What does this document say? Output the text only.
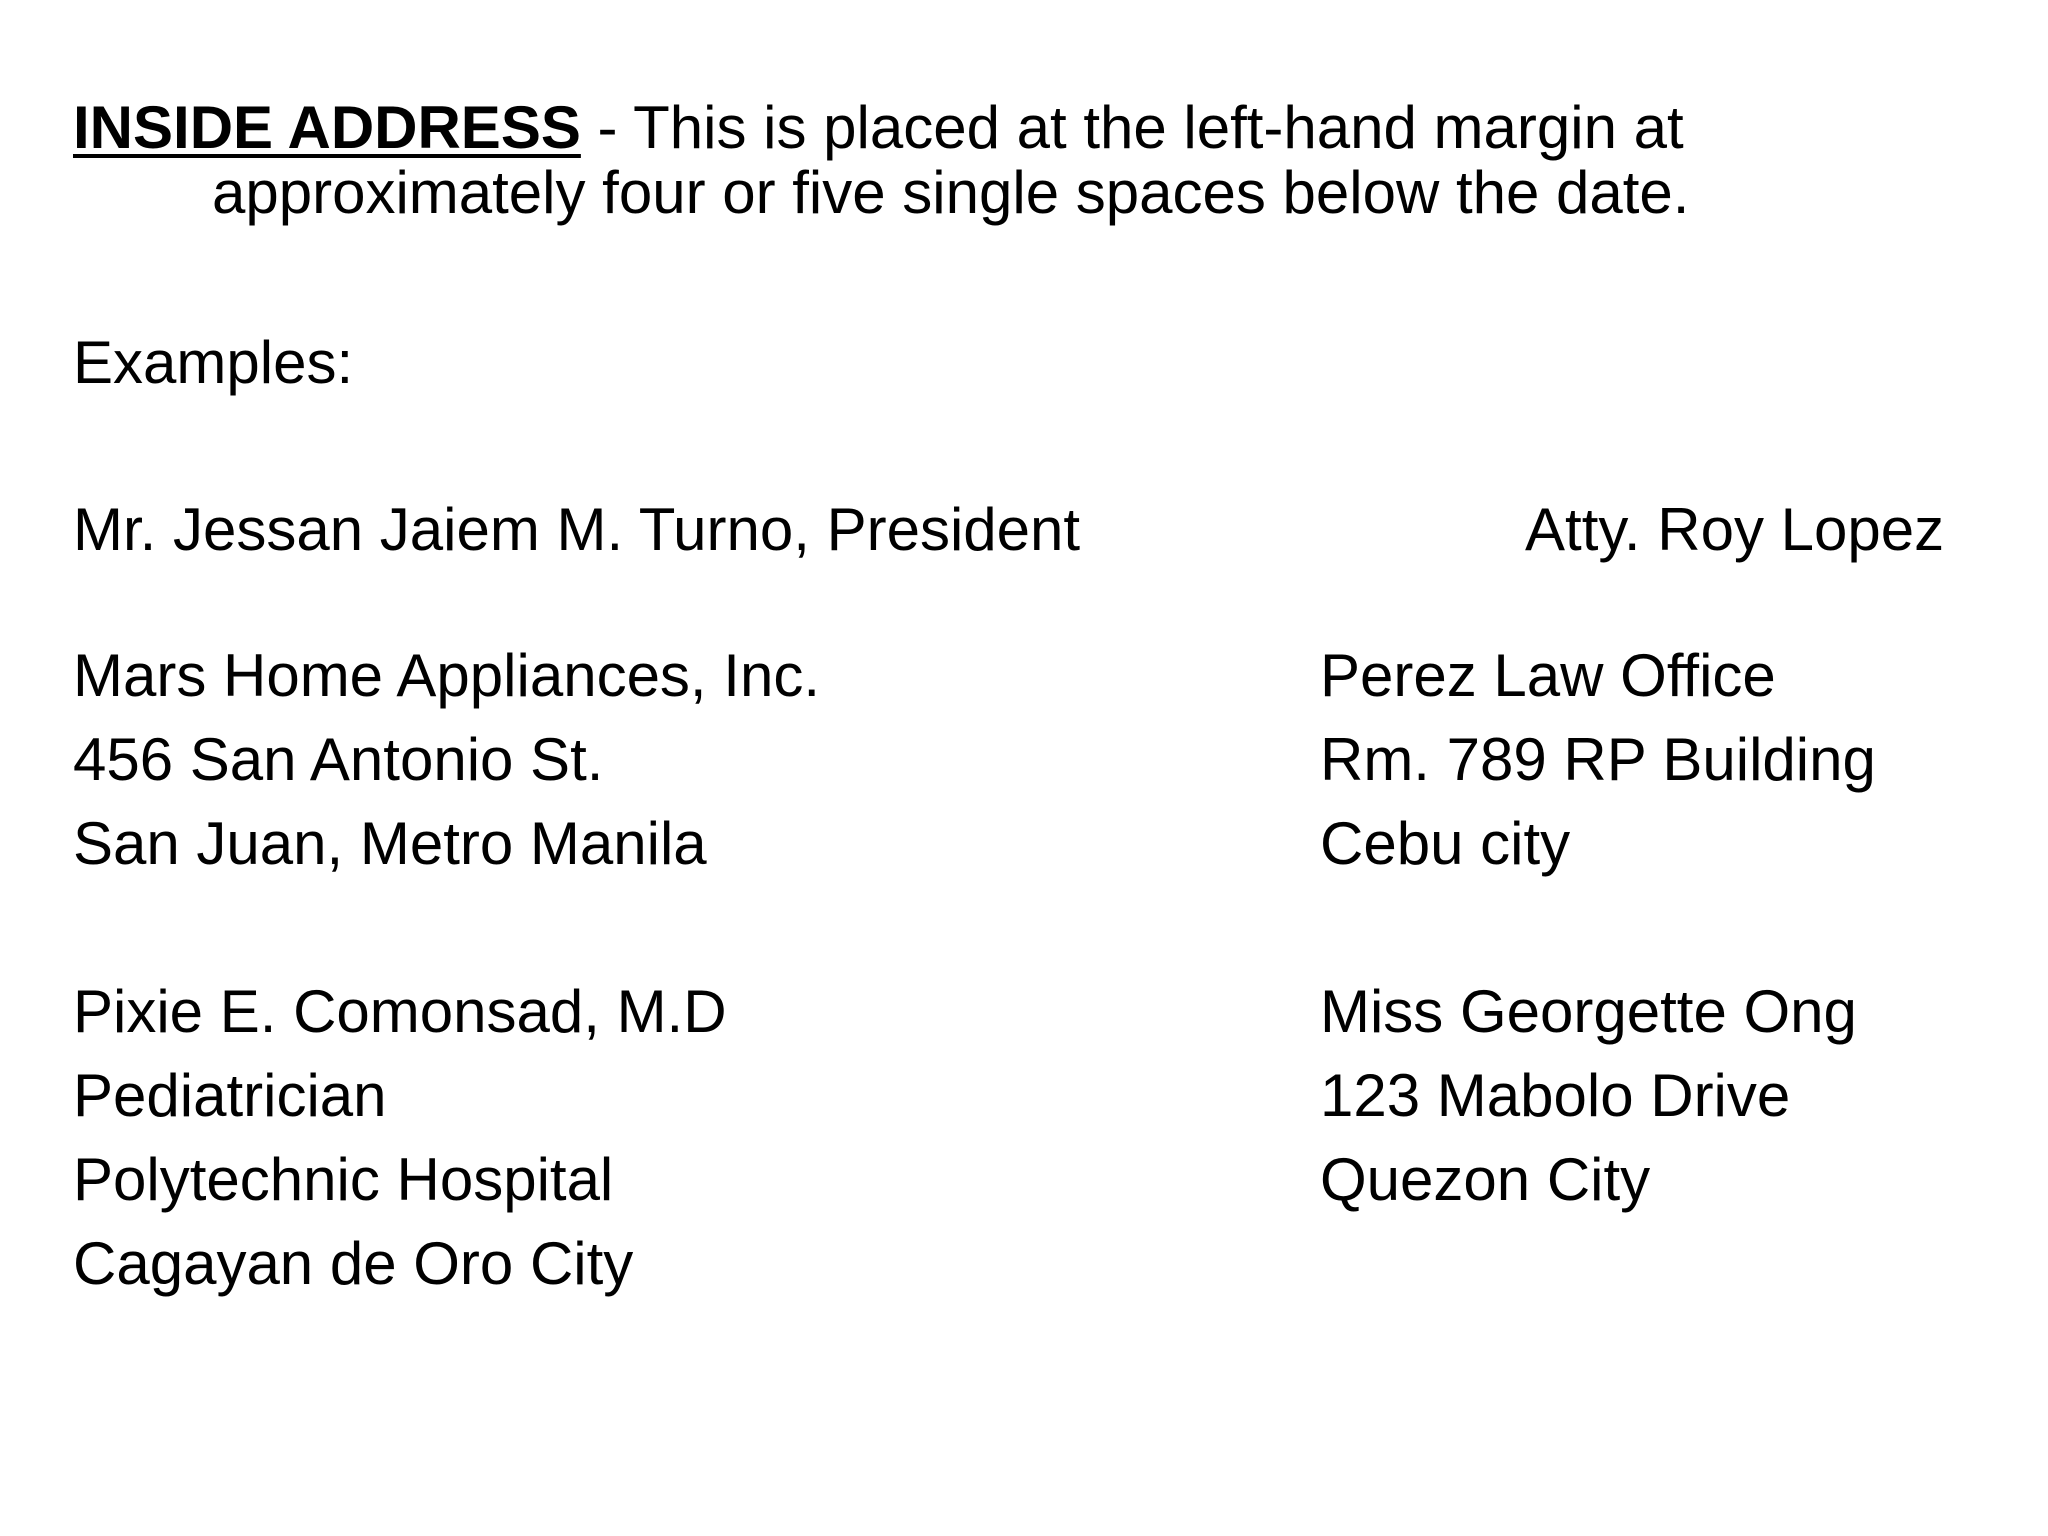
INSIDE ADDRESS - This is placed at the left-hand margin at
approximately four or five single spaces below the date.
Examples:
Mr. Jessan Jaiem M. Turno, President	Atty. Roy Lopez
Mars Home Appliances, Inc.
456 San Antonio St.
San Juan, Metro Manila
Perez Law Office
Rm. 789 RP Building
Cebu city
Pixie E. Comonsad, M.D
Pediatrician
Polytechnic Hospital
Cagayan de Oro City
Miss Georgette Ong
123 Mabolo Drive
Quezon City
